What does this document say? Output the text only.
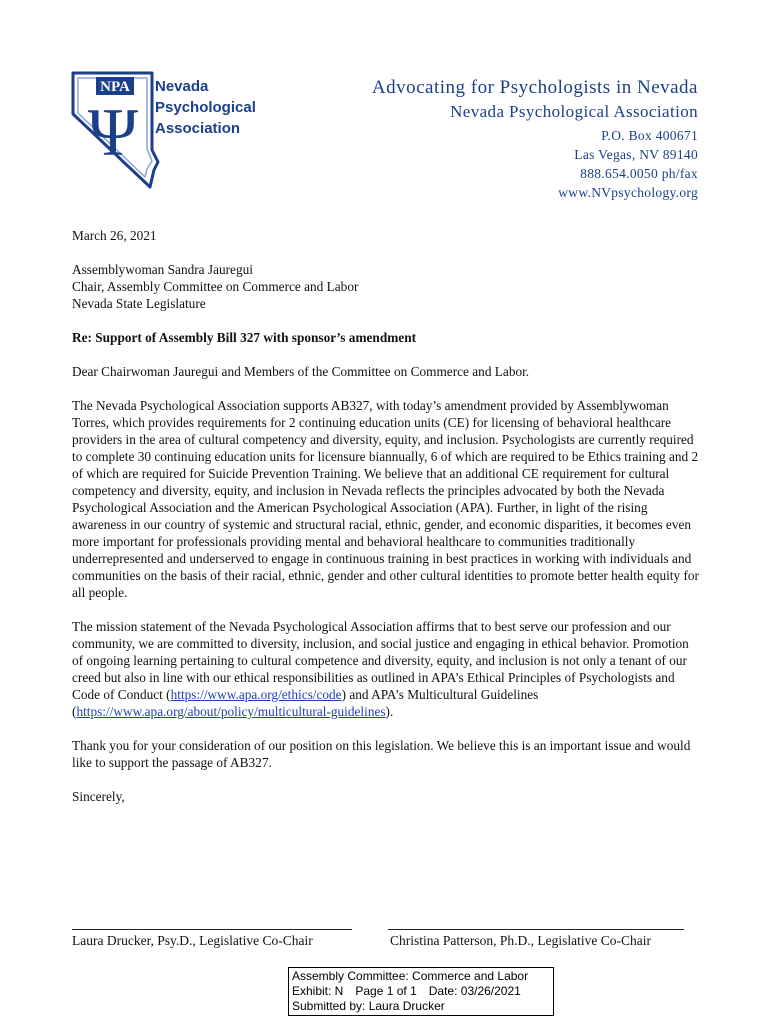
NPA
Ψ
Nevada
Psychological
Association
Advocating for Psychologists in Nevada
Nevada Psychological Association
P.O. Box 400671
Las Vegas, NV 89140
888.654.0050 ph/fax
www.NVpsychology.org

March 26, 2021

Assemblywoman Sandra Jauregui
Chair, Assembly Committee on Commerce and Labor
Nevada State Legislature

Re: Support of Assembly Bill 327 with sponsor’s amendment

Dear Chairwoman Jauregui and Members of the Committee on Commerce and Labor.

The Nevada Psychological Association supports AB327, with today’s amendment provided by Assemblywoman Torres, which provides requirements for 2 continuing education units (CE) for licensing of behavioral healthcare providers in the area of cultural competency and diversity, equity, and inclusion. Psychologists are currently required to complete 30 continuing education units for licensure biannually, 6 of which are required to be Ethics training and 2 of which are required for Suicide Prevention Training. We believe that an additional CE requirement for cultural competency and diversity, equity, and inclusion in Nevada reflects the principles advocated by both the Nevada Psychological Association and the American Psychological Association (APA). Further, in light of the rising awareness in our country of systemic and structural racial, ethnic, gender, and economic disparities, it becomes even more important for professionals providing mental and behavioral healthcare to communities traditionally underrepresented and underserved to engage in continuous training in best practices in working with individuals and communities on the basis of their racial, ethnic, gender and other cultural identities to promote better health equity for all people.

The mission statement of the Nevada Psychological Association affirms that to best serve our profession and our community, we are committed to diversity, inclusion, and social justice and engaging in ethical behavior. Promotion of ongoing learning pertaining to cultural competence and diversity, equity, and inclusion is not only a tenant of our creed but also in line with our ethical responsibilities as outlined in APA’s Ethical Principles of Psychologists and Code of Conduct (https://www.apa.org/ethics/code) and APA’s Multicultural Guidelines (https://www.apa.org/about/policy/multicultural-guidelines).

Thank you for your consideration of our position on this legislation. We believe this is an important issue and would like to support the passage of AB327.

Sincerely,

Laura Drucker, Psy.D., Legislative Co-Chair	Christina Patterson, Ph.D., Legislative Co-Chair
Assembly Committee: Commerce and Labor
Exhibit: N Page 1 of 1 Date: 03/26/2021
Submitted by: Laura Drucker
